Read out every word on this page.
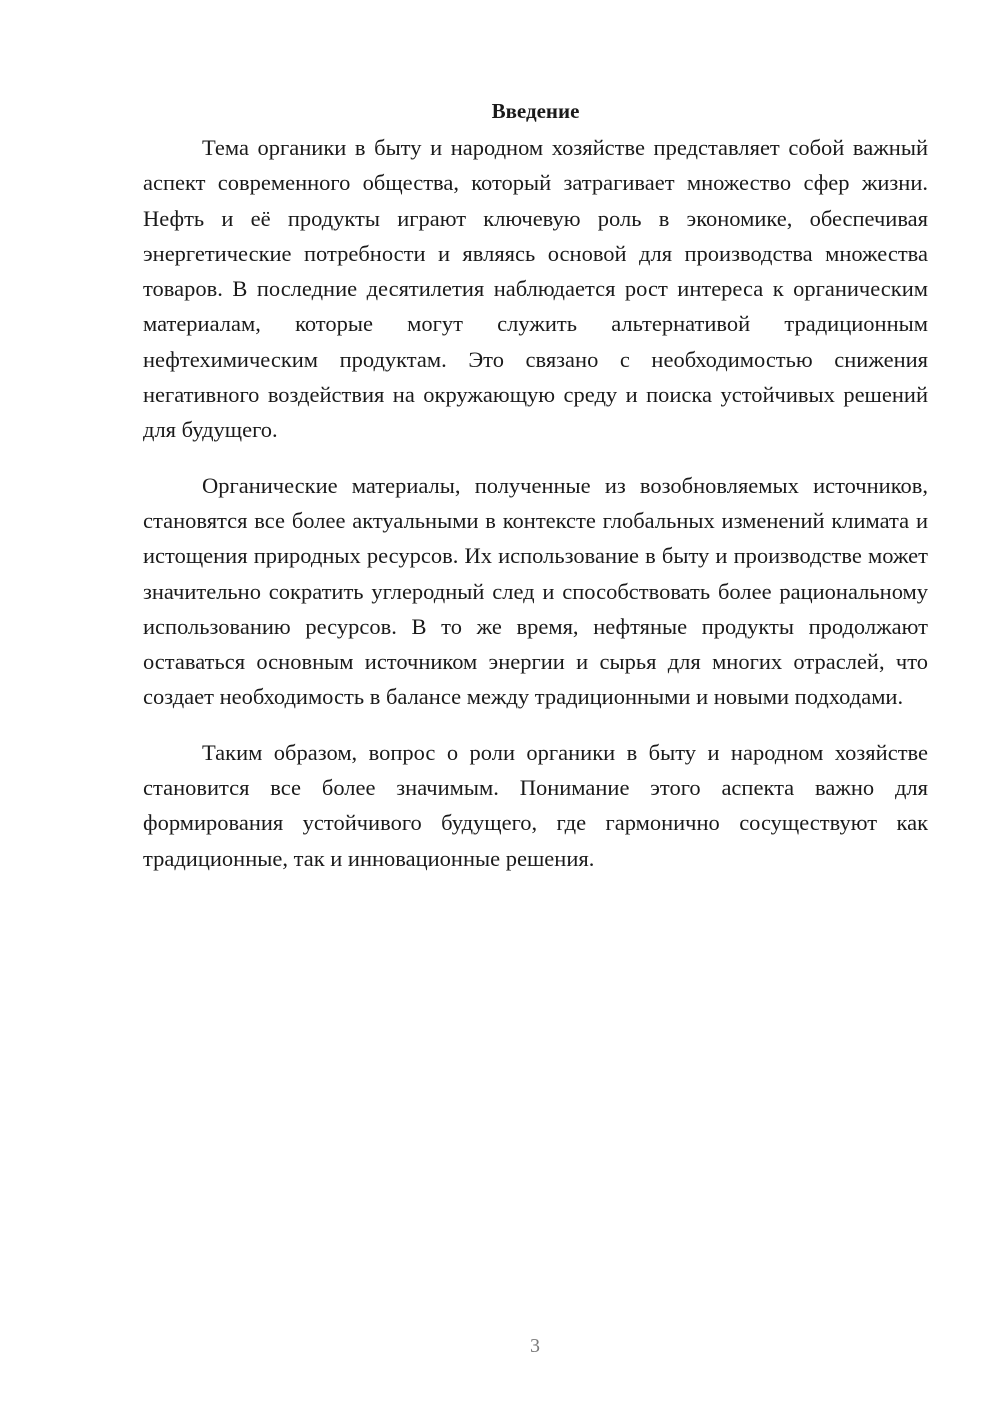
Введение

Тема органики в быту и народном хозяйстве представляет собой важный аспект современного общества, который затрагивает множество сфер жизни. Нефть и её продукты играют ключевую роль в экономике, обеспечивая энергетические потребности и являясь основой для производства множества товаров. В последние десятилетия наблюдается рост интереса к органическим материалам, которые могут служить альтернативой традиционным нефтехимическим продуктам. Это связано с необходимостью снижения негативного воздействия на окружающую среду и поиска устойчивых решений для будущего.

Органические материалы, полученные из возобновляемых источников, становятся все более актуальными в контексте глобальных изменений климата и истощения природных ресурсов. Их использование в быту и производстве может значительно сократить углеродный след и способствовать более рациональному использованию ресурсов. В то же время, нефтяные продукты продолжают оставаться основным источником энергии и сырья для многих отраслей, что создает необходимость в балансе между традиционными и новыми подходами.

Таким образом, вопрос о роли органики в быту и народном хозяйстве становится все более значимым. Понимание этого аспекта важно для формирования устойчивого будущего, где гармонично сосуществуют как традиционные, так и инновационные решения.

3
